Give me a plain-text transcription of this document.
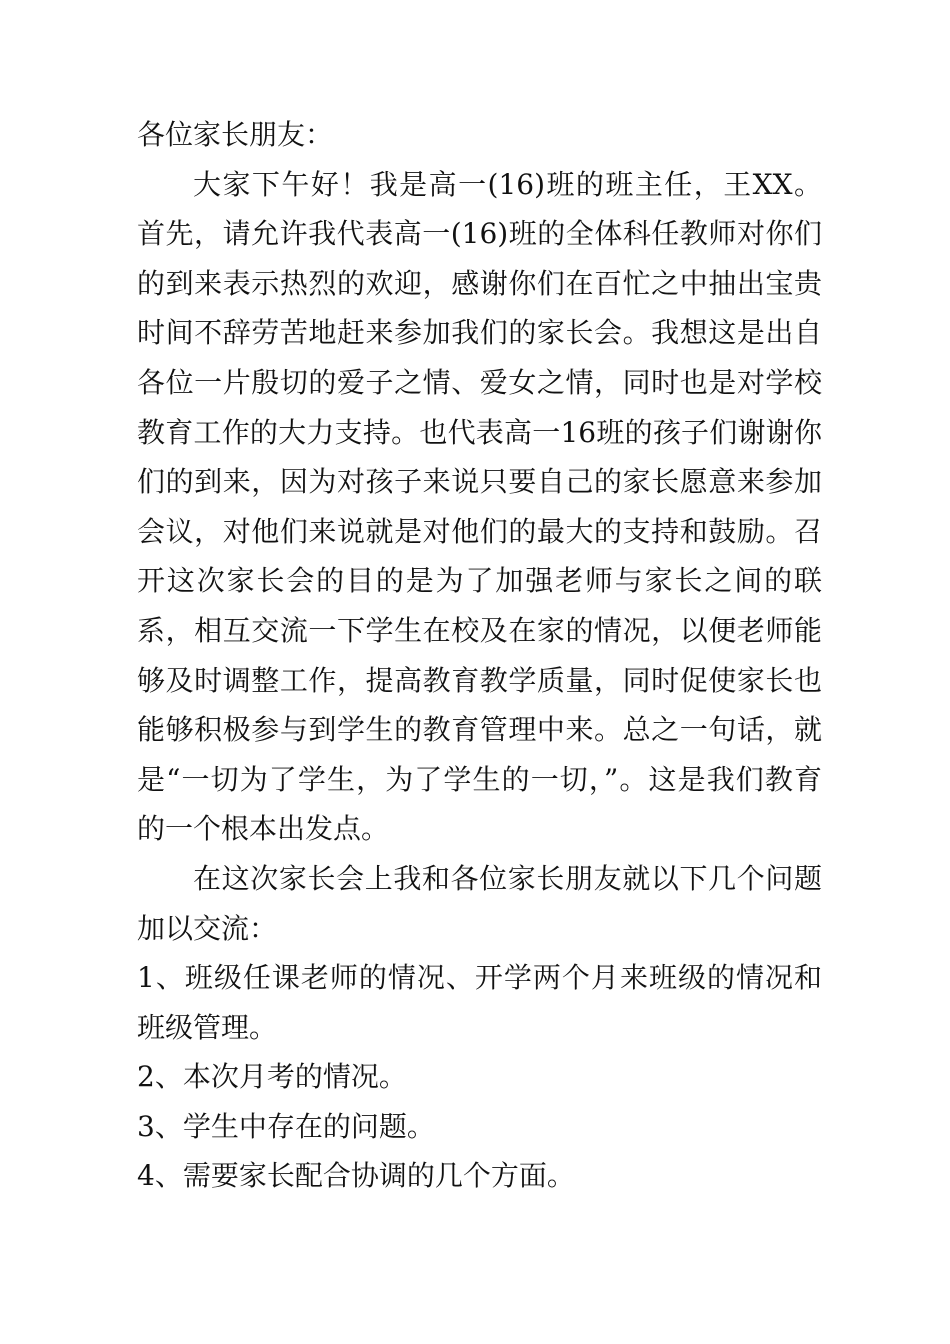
各位家长朋友：

大家下午好！我是高一(16)班的班主任，王XX。首先，请允许我代表高一(16)班的全体科任教师对你们的到来表示热烈的欢迎，感谢你们在百忙之中抽出宝贵时间不辞劳苦地赶来参加我们的家长会。我想这是出自各位一片殷切的爱子之情、爱女之情，同时也是对学校教育工作的大力支持。也代表高一16班的孩子们谢谢你们的到来，因为对孩子来说只要自己的家长愿意来参加会议，对他们来说就是对他们的最大的支持和鼓励。召开这次家长会的目的是为了加强老师与家长之间的联系，相互交流一下学生在校及在家的情况，以便老师能够及时调整工作，提高教育教学质量，同时促使家长也能够积极参与到学生的教育管理中来。总之一句话，就是“一切为了学生，为了学生的一切，”。这是我们教育的一个根本出发点。

在这次家长会上我和各位家长朋友就以下几个问题加以交流：

1、班级任课老师的情况、开学两个月来班级的情况和班级管理。

2、本次月考的情况。

3、学生中存在的问题。

4、需要家长配合协调的几个方面。
